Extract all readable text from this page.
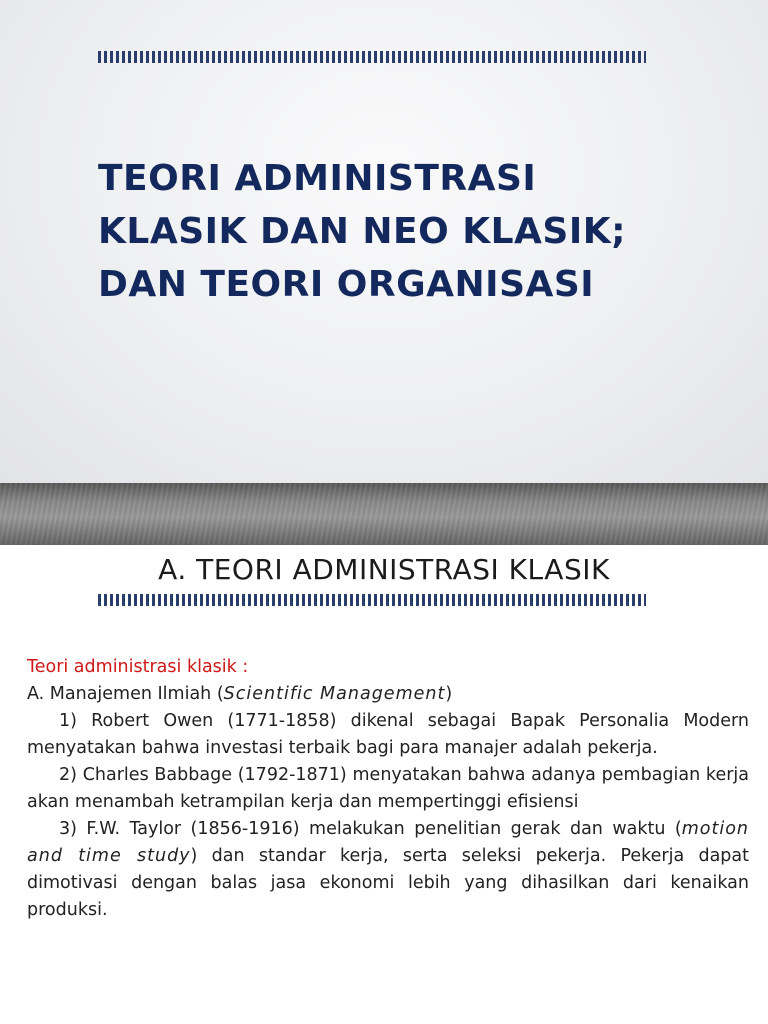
TEORI ADMINISTRASI
KLASIK DAN NEO KLASIK;
DAN TEORI ORGANISASI
A. TEORI ADMINISTRASI KLASIK

Teori administrasi klasik :

A. Manajemen Ilmiah (Scientific Management)

1) Robert Owen (1771-1858) dikenal sebagai Bapak Personalia Modern menyatakan bahwa investasi terbaik bagi para manajer adalah pekerja.

2) Charles Babbage (1792-1871) menyatakan bahwa adanya pembagian kerja akan menambah ketrampilan kerja dan mempertinggi efisiensi

3) F.W. Taylor (1856-1916) melakukan penelitian gerak dan waktu (motion and time study) dan standar kerja, serta seleksi pekerja. Pekerja dapat dimotivasi dengan balas jasa ekonomi lebih yang dihasilkan dari kenaikan produksi.
